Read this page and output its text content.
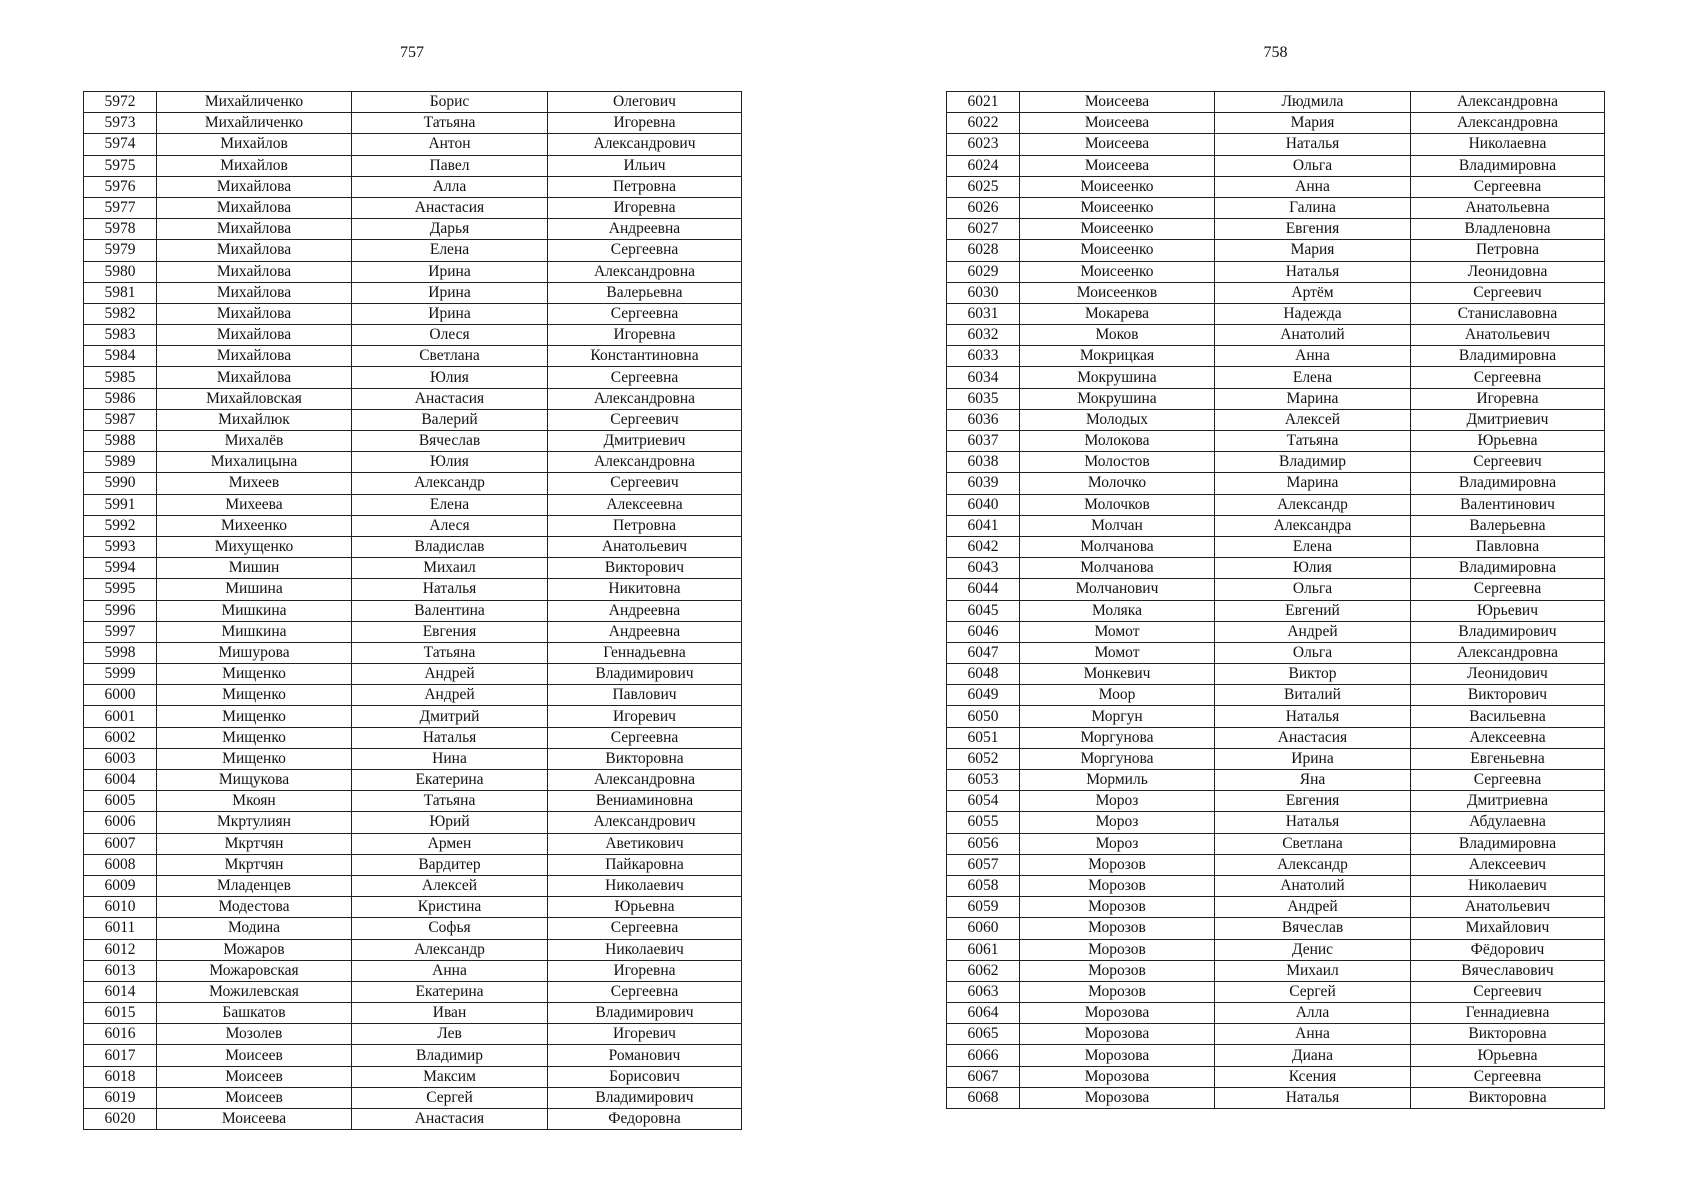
757
5972	Михайличенко	Борис	Олегович
5973	Михайличенко	Татьяна	Игоревна
5974	Михайлов	Антон	Александрович
5975	Михайлов	Павел	Ильич
5976	Михайлова	Алла	Петровна
5977	Михайлова	Анастасия	Игоревна
5978	Михайлова	Дарья	Андреевна
5979	Михайлова	Елена	Сергеевна
5980	Михайлова	Ирина	Александровна
5981	Михайлова	Ирина	Валерьевна
5982	Михайлова	Ирина	Сергеевна
5983	Михайлова	Олеся	Игоревна
5984	Михайлова	Светлана	Константиновна
5985	Михайлова	Юлия	Сергеевна
5986	Михайловская	Анастасия	Александровна
5987	Михайлюк	Валерий	Сергеевич
5988	Михалёв	Вячеслав	Дмитриевич
5989	Михалицына	Юлия	Александровна
5990	Михеев	Александр	Сергеевич
5991	Михеева	Елена	Алексеевна
5992	Михеенко	Алеся	Петровна
5993	Михущенко	Владислав	Анатольевич
5994	Мишин	Михаил	Викторович
5995	Мишина	Наталья	Никитовна
5996	Мишкина	Валентина	Андреевна
5997	Мишкина	Евгения	Андреевна
5998	Мишурова	Татьяна	Геннадьевна
5999	Мищенко	Андрей	Владимирович
6000	Мищенко	Андрей	Павлович
6001	Мищенко	Дмитрий	Игоревич
6002	Мищенко	Наталья	Сергеевна
6003	Мищенко	Нина	Викторовна
6004	Мищукова	Екатерина	Александровна
6005	Мкоян	Татьяна	Вениаминовна
6006	Мкртулиян	Юрий	Александрович
6007	Мкртчян	Армен	Аветикович
6008	Мкртчян	Вардитер	Пайкаровна
6009	Младенцев	Алексей	Николаевич
6010	Модестова	Кристина	Юрьевна
6011	Модина	Софья	Сергеевна
6012	Можаров	Александр	Николаевич
6013	Можаровская	Анна	Игоревна
6014	Можилевская	Екатерина	Сергеевна
6015	Башкатов	Иван	Владимирович
6016	Мозолев	Лев	Игоревич
6017	Моисеев	Владимир	Романович
6018	Моисеев	Максим	Борисович
6019	Моисеев	Сергей	Владимирович
6020	Моисеева	Анастасия	Федоровна
758
6021	Моисеева	Людмила	Александровна
6022	Моисеева	Мария	Александровна
6023	Моисеева	Наталья	Николаевна
6024	Моисеева	Ольга	Владимировна
6025	Моисеенко	Анна	Сергеевна
6026	Моисеенко	Галина	Анатольевна
6027	Моисеенко	Евгения	Владленовна
6028	Моисеенко	Мария	Петровна
6029	Моисеенко	Наталья	Леонидовна
6030	Моисеенков	Артём	Сергеевич
6031	Мокарева	Надежда	Станиславовна
6032	Моков	Анатолий	Анатольевич
6033	Мокрицкая	Анна	Владимировна
6034	Мокрушина	Елена	Сергеевна
6035	Мокрушина	Марина	Игоревна
6036	Молодых	Алексей	Дмитриевич
6037	Молокова	Татьяна	Юрьевна
6038	Молостов	Владимир	Сергеевич
6039	Молочко	Марина	Владимировна
6040	Молочков	Александр	Валентинович
6041	Молчан	Александра	Валерьевна
6042	Молчанова	Елена	Павловна
6043	Молчанова	Юлия	Владимировна
6044	Молчанович	Ольга	Сергеевна
6045	Моляка	Евгений	Юрьевич
6046	Момот	Андрей	Владимирович
6047	Момот	Ольга	Александровна
6048	Монкевич	Виктор	Леонидович
6049	Моор	Виталий	Викторович
6050	Моргун	Наталья	Васильевна
6051	Моргунова	Анастасия	Алексеевна
6052	Моргунова	Ирина	Евгеньевна
6053	Мормиль	Яна	Сергеевна
6054	Мороз	Евгения	Дмитриевна
6055	Мороз	Наталья	Абдулаевна
6056	Мороз	Светлана	Владимировна
6057	Морозов	Александр	Алексеевич
6058	Морозов	Анатолий	Николаевич
6059	Морозов	Андрей	Анатольевич
6060	Морозов	Вячеслав	Михайлович
6061	Морозов	Денис	Фёдорович
6062	Морозов	Михаил	Вячеславович
6063	Морозов	Сергей	Сергеевич
6064	Морозова	Алла	Геннадиевна
6065	Морозова	Анна	Викторовна
6066	Морозова	Диана	Юрьевна
6067	Морозова	Ксения	Сергеевна
6068	Морозова	Наталья	Викторовна
